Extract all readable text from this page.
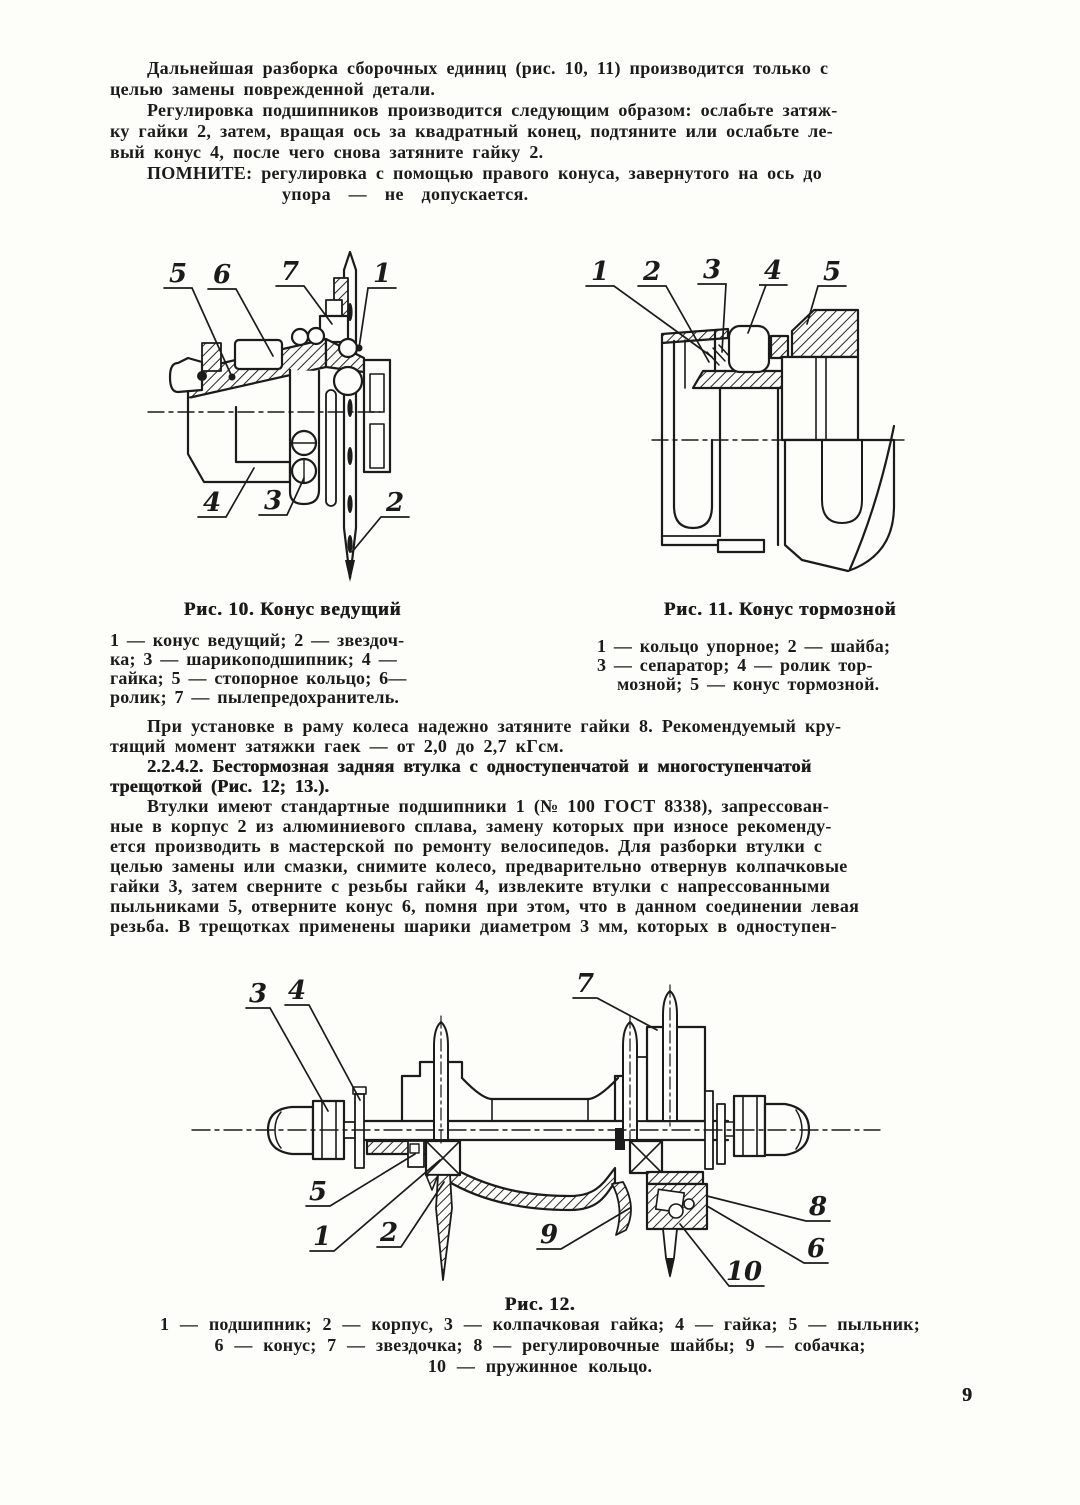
Дальнейшая разборка сборочных единиц (рис. 10, 11) производится только с
целью замены поврежденной детали.
Регулировка подшипников производится следующим образом: ослабьте затяж-
ку гайки 2, затем, вращая ось за квадратный конец, подтяните или ослабьте ле-
вый конус 4, после чего снова затяните гайку 2.
ПОМНИТЕ: регулировка с помощью правого конуса, завернутого на ось до
упора — не допускается.
5 6 7	1
4 3	2
1 2 3 4 5
Рис. 10. Конус ведущий	Рис. 11. Конус тормозной
1 — конус ведущий; 2 — звездоч-
ка; 3 — шарикоподшипник; 4 —
гайка; 5 — стопорное кольцо; 6—
ролик; 7 — пылепредохранитель.
1 — кольцо упорное; 2 — шайба;
3 — сепаратор; 4 — ролик тор-
мозной; 5 — конус тормозной.
При установке в раму колеса надежно затяните гайки 8. Рекомендуемый кру-
тящий момент затяжки гаек — от 2,0 до 2,7 кГсм.
2.2.4.2. Бестормозная задняя втулка с одноступенчатой и многоступенчатой
трещоткой (Рис. 12; 13.).
Втулки имеют стандартные подшипники 1 (№ 100 ГОСТ 8338), запрессован-
ные в корпус 2 из алюминиевого сплава, замену которых при износе рекоменду-
ется производить в мастерской по ремонту велосипедов. Для разборки втулки с
целью замены или смазки, снимите колесо, предварительно отвернув колпачковые
гайки 3, затем сверните с резьбы гайки 4, извлеките втулки с напрессованными
пыльниками 5, отверните конус 6, помня при этом, что в данном соединении левая
резьба. В трещотках применены шарики диаметром 3 мм, которых в одноступен-
3 4	7
5
1 2	9
10
8
6
Рис. 12.
1 — подшипник; 2 — корпус, 3 — колпачковая гайка; 4 — гайка; 5 — пыльник;
6 — конус; 7 — звездочка; 8 — регулировочные шайбы; 9 — собачка;
10 — пружинное кольцо.
9
